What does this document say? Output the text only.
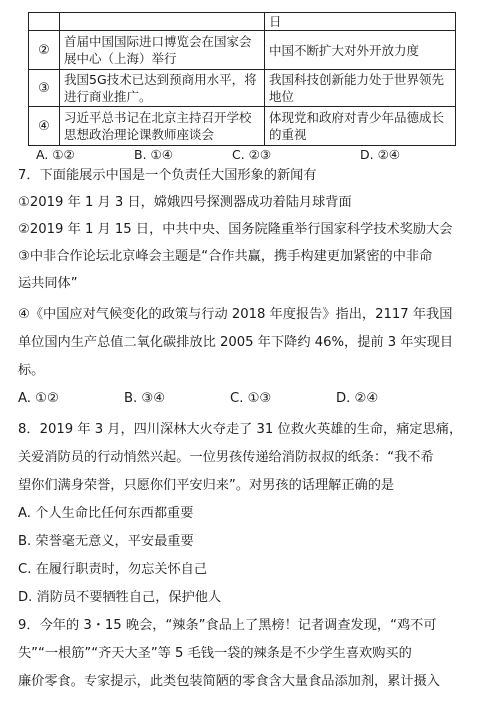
		日
②	首届中国国际进口博览会在国家会展中心（上海）举行	中国不断扩大对外开放力度
③	我国5G技术已达到预商用水平，将进行商业推广。	我国科技创新能力处于世界领先地位
④	习近平总书记在北京主持召开学校思想政治理论课教师座谈会	体现党和政府对青少年品德成长的重视
A. ①②	B. ①④	C. ②③	D. ②④
7．下面能展示中国是一个负责任大国形象的新闻有
①2019 年 1 月 3 日，嫦娥四号探测器成功着陆月球背面
②2019 年 1 月 15 日，中共中央、国务院隆重举行国家科学技术奖励大会
③中非合作论坛北京峰会主题是“合作共赢，携手构建更加紧密的中非命
运共同体”
④《中国应对气候变化的政策与行动 2018 年度报告》指出，2117 年我国
单位国内生产总值二氧化碳排放比 2005 年下降约 46%，提前 3 年实现目
标。
A. ①②	B. ③④	C. ①③	D. ②④
8．2019 年 3 月，四川深林大火夺走了 31 位救火英雄的生命，痛定思痛，
关爱消防员的行动悄然兴起。一位男孩传递给消防叔叔的纸条：“我不希
望你们满身荣誉，只愿你们平安归来”。对男孩的话理解正确的是
A. 个人生命比任何东西都重要
B. 荣誉毫无意义，平安最重要
C. 在履行职责时，勿忘关怀自己
D. 消防员不要牺牲自己，保护他人
9．今年的 3・15 晚会，“辣条”食品上了黑榜！记者调查发现，“鸡不可
失”“一根筋”“齐天大圣”等 5 毛钱一袋的辣条是不少学生喜欢购买的
廉价零食。专家提示，此类包装简陋的零食含大量食品添加剂，累计摄入
